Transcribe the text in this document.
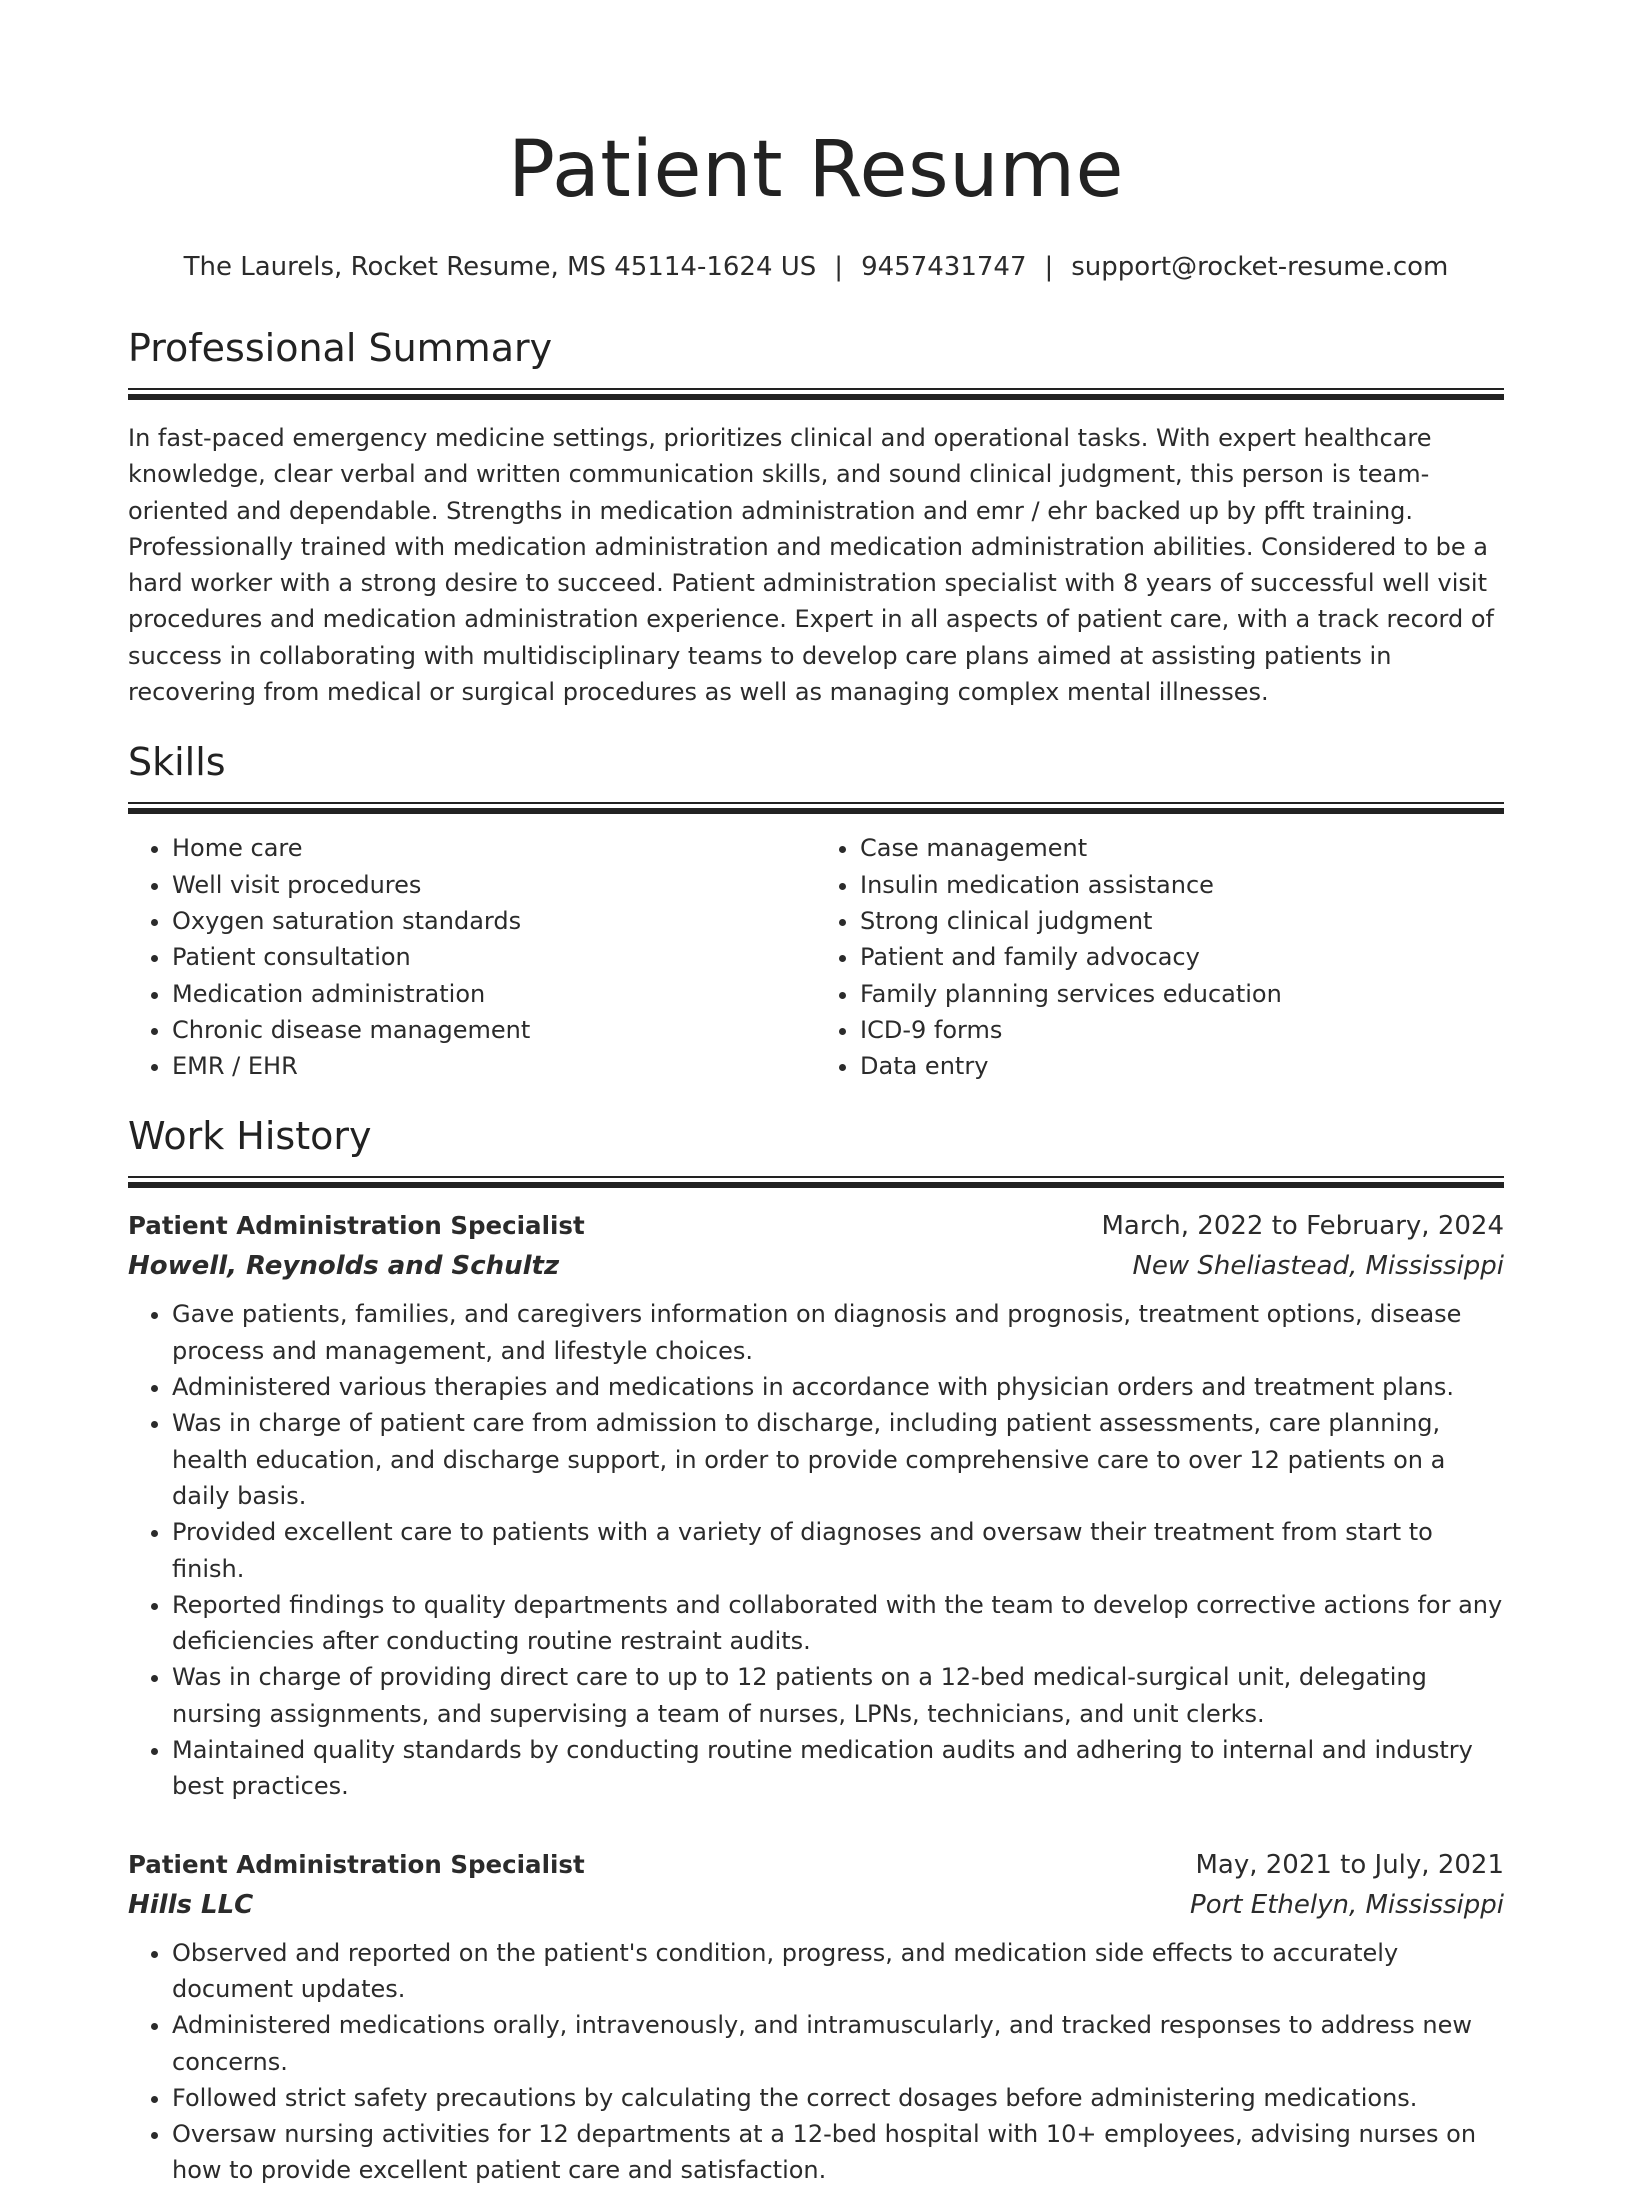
Patient Resume
The Laurels, Rocket Resume, MS 45114-1624 US | 9457431747 | support@rocket-resume.com
Professional Summary
In fast-paced emergency medicine settings, prioritizes clinical and operational tasks. With expert healthcare knowledge, clear verbal and written communication skills, and sound clinical judgment, this person is team-oriented and dependable. Strengths in medication administration and emr / ehr backed up by pfft training. Professionally trained with medication administration and medication administration abilities. Considered to be a hard worker with a strong desire to succeed. Patient administration specialist with 8 years of successful well visit procedures and medication administration experience. Expert in all aspects of patient care, with a track record of success in collaborating with multidisciplinary teams to develop care plans aimed at assisting patients in recovering from medical or surgical procedures as well as managing complex mental illnesses.
Skills
• Home care
• Well visit procedures
• Oxygen saturation standards
• Patient consultation
• Medication administration
• Chronic disease management
• EMR / EHR
• Case management
• Insulin medication assistance
• Strong clinical judgment
• Patient and family advocacy
• Family planning services education
• ICD-9 forms
• Data entry
Work History
Patient Administration Specialist	March, 2022 to February, 2024
Howell, Reynolds and Schultz	New Sheliastead, Mississippi
• Gave patients, families, and caregivers information on diagnosis and prognosis, treatment options, disease process and management, and lifestyle choices.
• Administered various therapies and medications in accordance with physician orders and treatment plans.
• Was in charge of patient care from admission to discharge, including patient assessments, care planning, health education, and discharge support, in order to provide comprehensive care to over 12 patients on a daily basis.
• Provided excellent care to patients with a variety of diagnoses and oversaw their treatment from start to finish.
• Reported findings to quality departments and collaborated with the team to develop corrective actions for any deficiencies after conducting routine restraint audits.
• Was in charge of providing direct care to up to 12 patients on a 12-bed medical-surgical unit, delegating nursing assignments, and supervising a team of nurses, LPNs, technicians, and unit clerks.
• Maintained quality standards by conducting routine medication audits and adhering to internal and industry best practices.
Patient Administration Specialist	May, 2021 to July, 2021
Hills LLC	Port Ethelyn, Mississippi
• Observed and reported on the patient's condition, progress, and medication side effects to accurately document updates.
• Administered medications orally, intravenously, and intramuscularly, and tracked responses to address new concerns.
• Followed strict safety precautions by calculating the correct dosages before administering medications.
• Oversaw nursing activities for 12 departments at a 12-bed hospital with 10+ employees, advising nurses on how to provide excellent patient care and satisfaction.
